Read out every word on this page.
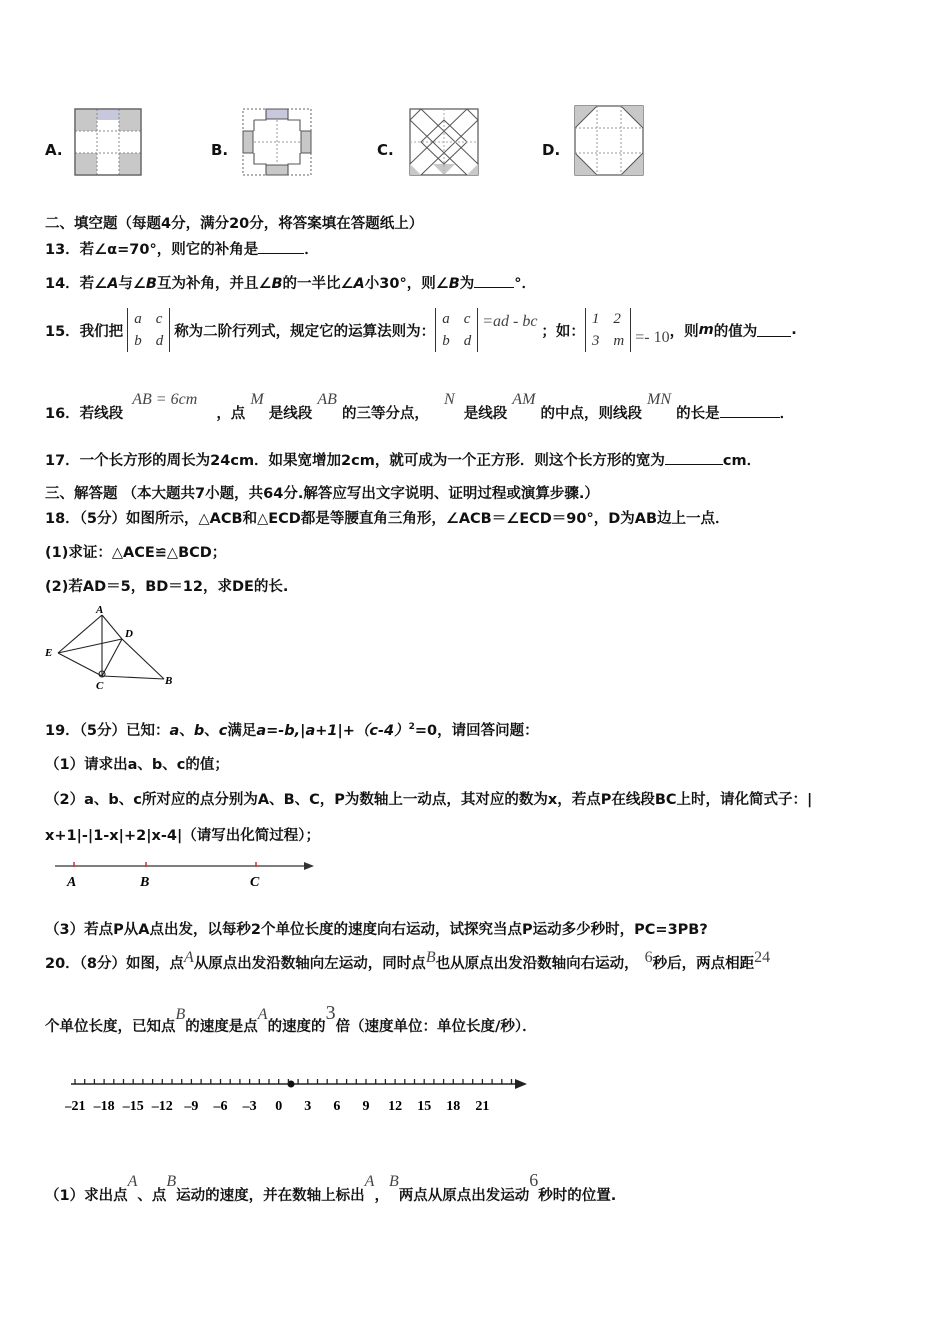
A.	B.	C.	D.
二、填空题（每题4分，满分20分，将答案填在答题纸上）
13．若∠α=70°，则它的补角是	．
14．若∠A与∠B互为补角，并且∠B的一半比∠A小30°，则∠B为	°．
15．我们把
a c
b d
称为二阶行列式，规定它的运算法则为：
a c
b d
=ad - bc
；如：
1 2
3 m =- 10 ，则 m 的值为 .
16．若线段 AB = 6cm ，点 M 是线段 AB 的三等分点， N 是线段 AM 的中点，则线段 MN 的长是	．
17．一个长方形的周长为24cm．如果宽增加2cm，就可成为一个正方形．则这个长方形的宽为	cm．
三、解答题 （本大题共7小题，共64分.解答应写出文字说明、证明过程或演算步骤.）
18．（5分）如图所示，△ACB和△ECD都是等腰直角三角形，∠ACB＝∠ECD＝90°，D为AB边上一点．
(1)求证：△ACE≌△BCD；
(2)若AD＝5，BD＝12，求DE的长.
A
D
E
C	B
19．（5分）已知：a、b、c满足$a=-b,|a+1|+(c-4)^2=0$，请回答问题：
（1）请求出a、b、c的值；
（2）a、b、c所对应的点分别为A、B、C，P为数轴上一动点，其对应的数为x，若点P在线段BC上时，请化简式子：|
x+1|-|1-x|+2|x-4|（请写出化简过程）；
A	B	C
（3）若点P从A点出发，以每秒2个单位长度的速度向右运动，试探究当点P运动多少秒时，PC=3PB?
20．（8分）如图，点A从原点出发沿数轴向左运动，同时点B也从原点出发沿数轴向右运动， 6秒后，两点相距24
个单位长度，已知点B的速度是点A的速度的3倍（速度单位：单位长度/秒）．
–21 –18 –15 –12 –9 –6 –3 0 3 6 9 12 15 18 21
（1）求出点A、点B运动的速度，并在数轴上标出A，B两点从原点出发运动6秒时的位置.
